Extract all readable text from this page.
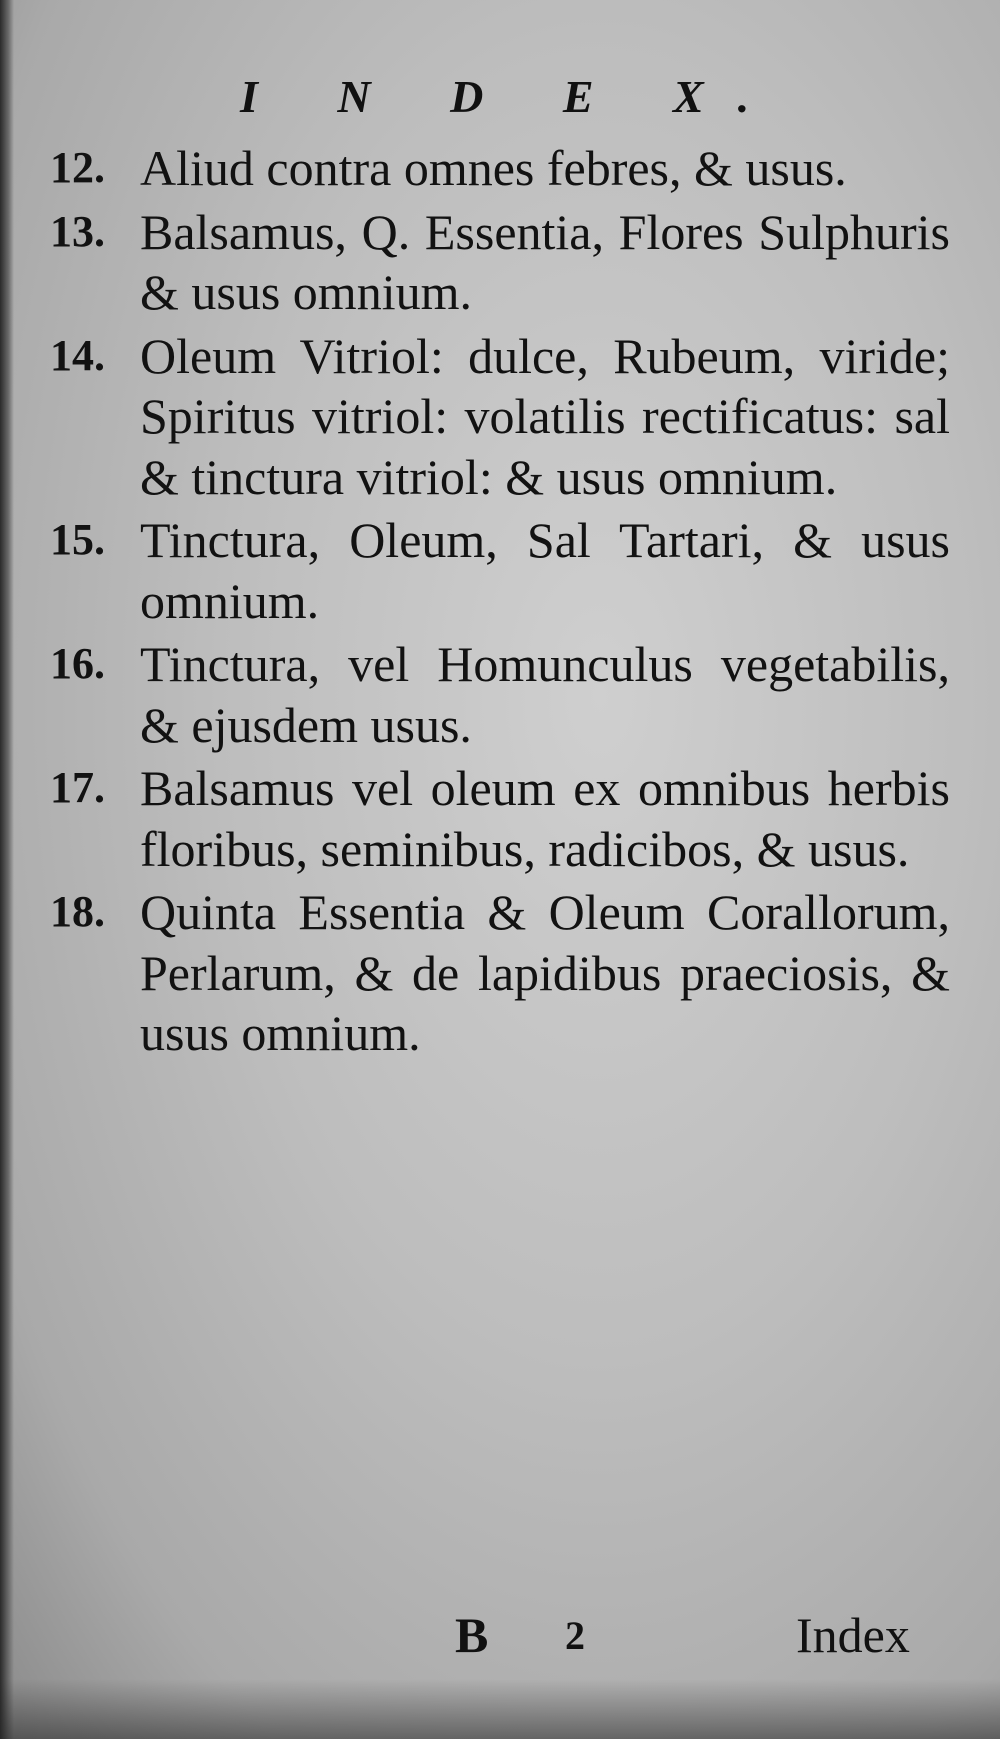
I N D E X.
12. Aliud contra omnes febres, & usus.
13. Balsamus, Q. Essentia, Flores Sulphuris & usus omnium.
14. Oleum Vitriol: dulce, Rubeum, viride; Spiritus vitriol: volatilis rectificatus: sal & tinctura vitriol: & usus omnium.
15. Tinctura, Oleum, Sal Tartari, & usus omnium.
16. Tinctura, vel Homunculus vegetabilis, & ejusdem usus.
17. Balsamus vel oleum ex omnibus herbis floribus, seminibus, radicibos, & usus.
18. Quinta Essentia & Oleum Corallorum, Perlarum, & de lapidibus praeciosis, & usus omnium.
B 2	Index
